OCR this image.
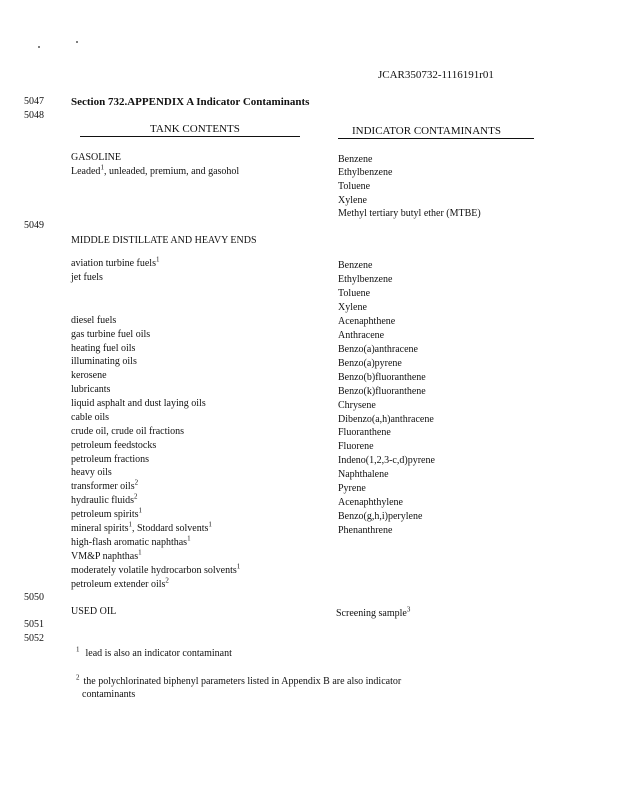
JCAR350732-1116191r01
5047
5048
5049
5050
5051
5052
Section 732.APPENDIX A Indicator Contaminants
TANK CONTENTS	INDICATOR CONTAMINANTS
GASOLINE
Leaded$^1$, unleaded, premium, and gasohol
Benzene
Ethylbenzene
Toluene
Xylene
Methyl tertiary butyl ether (MTBE)
MIDDLE DISTILLATE AND HEAVY ENDS
aviation turbine fuels$^1$
jet fuels
Benzene
Ethylbenzene
Toluene
Xylene
diesel fuels
gas turbine fuel oils
heating fuel oils
illuminating oils
kerosene
lubricants
liquid asphalt and dust laying oils
cable oils
crude oil, crude oil fractions
petroleum feedstocks
petroleum fractions
heavy oils
transformer oils$^2$
hydraulic fluids$^2$
petroleum spirits$^1$
mineral spirits$^1$, Stoddard solvents$^1$
high-flash aromatic naphthas$^1$
VM&P naphthas$^1$
moderately volatile hydrocarbon solvents$^1$
petroleum extender oils$^2$
Acenaphthene
Anthracene
Benzo(a)anthracene
Benzo(a)pyrene
Benzo(b)fluoranthene
Benzo(k)fluoranthene
Chrysene
Dibenzo(a,h)anthracene
Fluoranthene
Fluorene
Indeno(1,2,3-c,d)pyrene
Naphthalene
Pyrene
Acenaphthylene
Benzo(g,h,i)perylene
Phenanthrene
USED OIL	Screening sample$^3$
$^1$ lead is also an indicator contaminant
$^2$ the polychlorinated biphenyl parameters listed in Appendix B are also indicator
contaminants
